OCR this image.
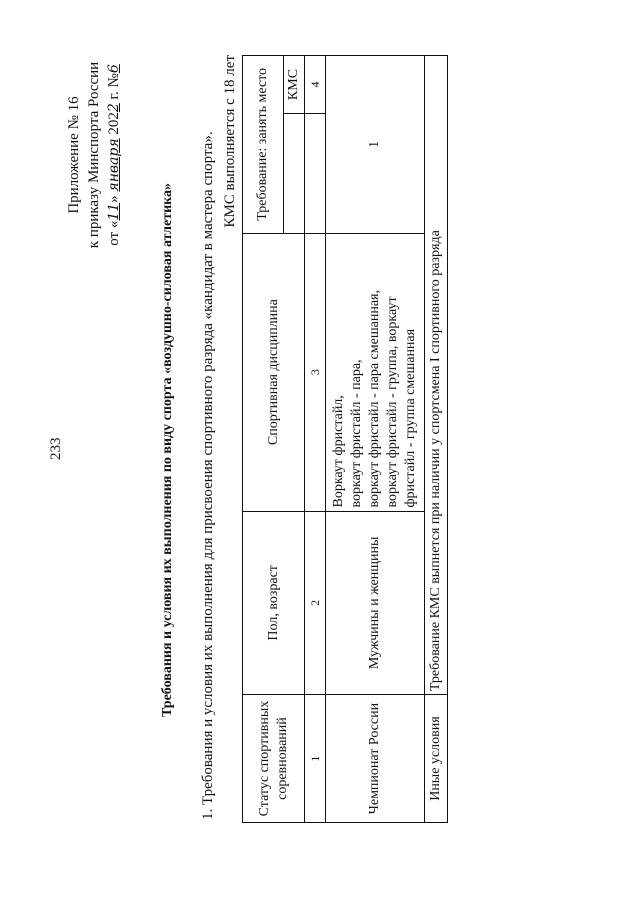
233
Приложение № 16 к приказу Минспорта России от «11» января 2022 г. №6
Требования и условия их выполнения по виду спорта «воздушно-силовая атлетика» 1. Требования и условия их выполнения для присвоения спортивного разряда «кандидат в мастера спорта». КМС выполняется с 18 лет
Статус спортивных соревнований	Пол, возраст	Спортивная дисциплина	Требование: занять место	
				КМС
1	2	3		4
Чемпионат России	Мужчины и женщины	Воркаут фристайл, воркаут фристайл - пара, воркаут фристайл - пара смешанная, воркаут фристайл - группа, воркаут фристайл - группа смешанная	1	
Иные условия	Требование КМС выпнется при наличии у спортсмена I спортивного разряда			
